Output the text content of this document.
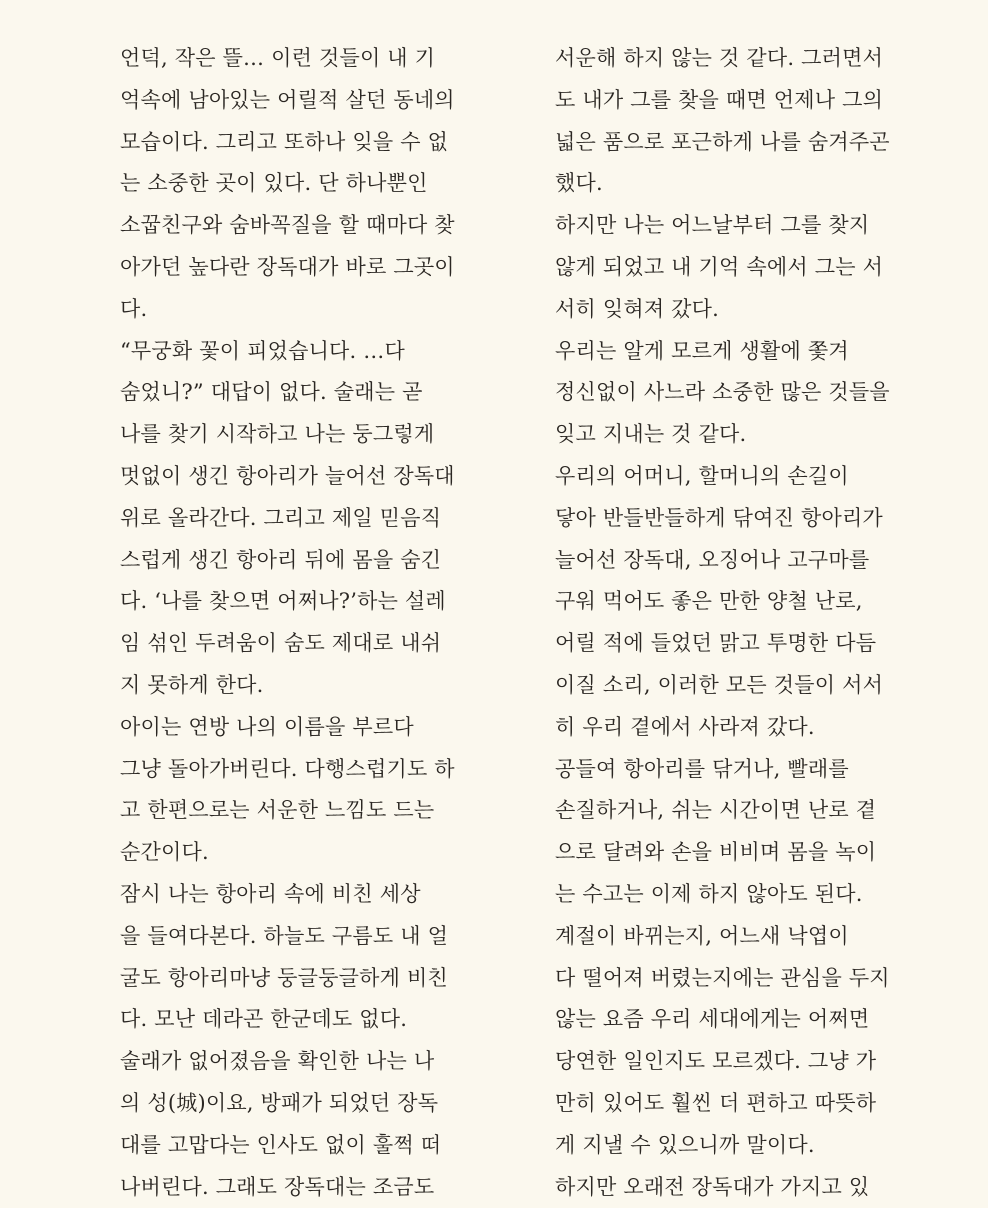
언덕, 작은 뜰… 이런 것들이 내 기
억속에 남아있는 어릴적 살던 동네의
모습이다. 그리고 또하나 잊을 수 없
는 소중한 곳이 있다. 단 하나뿐인
소꿉친구와 숨바꼭질을 할 때마다 찾
아가던 높다란 장독대가 바로 그곳이
다.
“무궁화 꽃이 피었습니다. …다
숨었니?” 대답이 없다. 술래는 곧
나를 찾기 시작하고 나는 둥그렇게
멋없이 생긴 항아리가 늘어선 장독대
위로 올라간다. 그리고 제일 믿음직
스럽게 생긴 항아리 뒤에 몸을 숨긴
다. ‘나를 찾으면 어쩌나?’하는 설레
임 섞인 두려움이 숨도 제대로 내쉬
지 못하게 한다.
아이는 연방 나의 이름을 부르다
그냥 돌아가버린다. 다행스럽기도 하
고 한편으로는 서운한 느낌도 드는
순간이다.
잠시 나는 항아리 속에 비친 세상
을 들여다본다. 하늘도 구름도 내 얼
굴도 항아리마냥 둥글둥글하게 비친
다. 모난 데라곤 한군데도 없다.
술래가 없어졌음을 확인한 나는 나
의 성(城)이요, 방패가 되었던 장독
대를 고맙다는 인사도 없이 훌쩍 떠
나버린다. 그래도 장독대는 조금도
서운해 하지 않는 것 같다. 그러면서
도 내가 그를 찾을 때면 언제나 그의
넓은 품으로 포근하게 나를 숨겨주곤
했다.
하지만 나는 어느날부터 그를 찾지
않게 되었고 내 기억 속에서 그는 서
서히 잊혀져 갔다.
우리는 알게 모르게 생활에 쫓겨
정신없이 사느라 소중한 많은 것들을
잊고 지내는 것 같다.
우리의 어머니, 할머니의 손길이
닿아 반들반들하게 닦여진 항아리가
늘어선 장독대, 오징어나 고구마를
구워 먹어도 좋은 만한 양철 난로,
어릴 적에 들었던 맑고 투명한 다듬
이질 소리, 이러한 모든 것들이 서서
히 우리 곁에서 사라져 갔다.
공들여 항아리를 닦거나, 빨래를
손질하거나, 쉬는 시간이면 난로 곁
으로 달려와 손을 비비며 몸을 녹이
는 수고는 이제 하지 않아도 된다.
계절이 바뀌는지, 어느새 낙엽이
다 떨어져 버렸는지에는 관심을 두지
않는 요즘 우리 세대에게는 어쩌면
당연한 일인지도 모르겠다. 그냥 가
만히 있어도 훨씬 더 편하고 따뜻하
게 지낼 수 있으니까 말이다.
하지만 오래전 장독대가 가지고 있
